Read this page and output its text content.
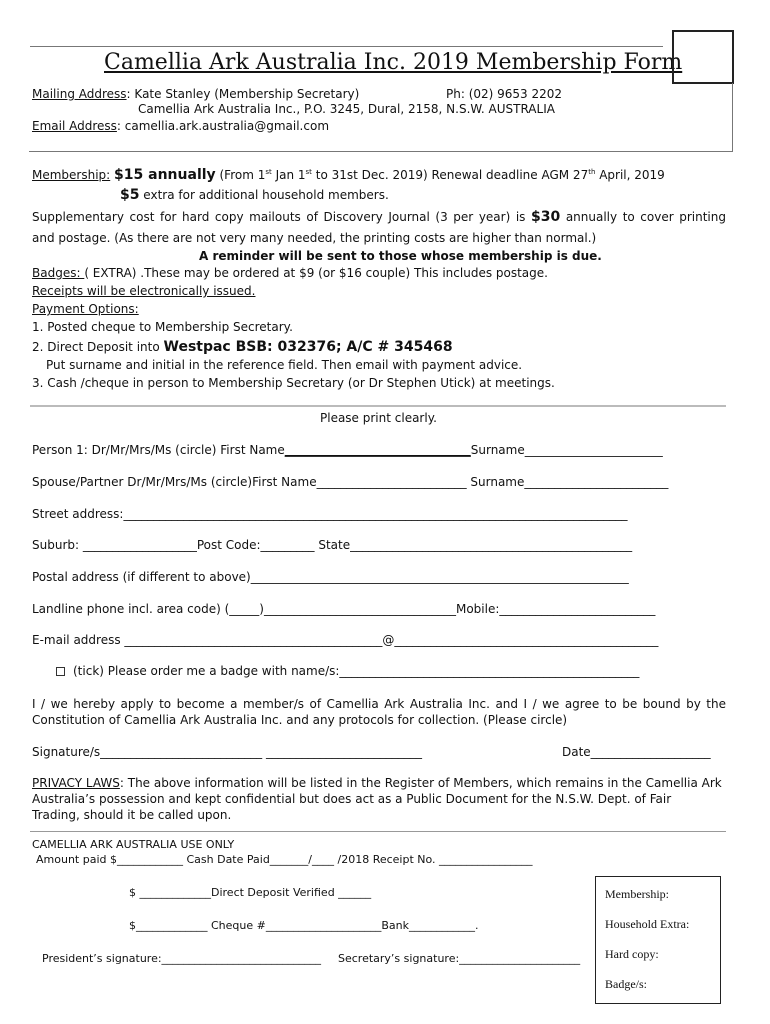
Camellia Ark Australia Inc. 2019 Membership Form
Mailing Address: Kate Stanley (Membership Secretary)	Ph: (02) 9653 2202
Camellia Ark Australia Inc., P.O. 3245, Dural, 2158, N.S.W. AUSTRALIA
Email Address: camellia.ark.australia@gmail.com
Membership: $15 annually (From 1st Jan 1st to 31st Dec. 2019) Renewal deadline AGM 27th April, 2019
$5 extra for additional household members.
Supplementary cost for hard copy mailouts of Discovery Journal (3 per year) is $30 annually to cover printing
and postage. (As there are not very many needed, the printing costs are higher than normal.)
A reminder will be sent to those whose membership is due.
Badges: ( EXTRA) .These may be ordered at $9 (or $16 couple) This includes postage.
Receipts will be electronically issued.
Payment Options:
1. Posted cheque to Membership Secretary.
2. Direct Deposit into Westpac BSB: 032376; A/C # 345468
Put surname and initial in the reference field. Then email with payment advice.
3. Cash /cheque in person to Membership Secretary (or Dr Stephen Utick) at meetings.
Please print clearly.
Person 1: Dr/Mr/Mrs/Ms (circle) First Name_______________________________Surname_______________________
Spouse/Partner Dr/Mr/Mrs/Ms (circle)First Name_________________________ Surname________________________
Street address:____________________________________________________________________________________
Suburb: ___________________Post Code:_________ State_______________________________________________
Postal address (if different to above)_______________________________________________________________
Landline phone incl. area code) (_____)________________________________Mobile:__________________________
E-mail address ___________________________________________@____________________________________________
(tick) Please order me a badge with name/s:__________________________________________________
I / we hereby apply to become a member/s of Camellia Ark Australia Inc. and I / we agree to be bound by the
Constitution of Camellia Ark Australia Inc. and any protocols for collection. (Please circle)
Signature/s___________________________ __________________________	Date____________________
PRIVACY LAWS: The above information will be listed in the Register of Members, which remains in the Camellia Ark
Australia’s possession and kept confidential but does act as a Public Document for the N.S.W. Dept. of Fair
Trading, should it be called upon.
CAMELLIA ARK AUSTRALIA USE ONLY
Amount paid $____________ Cash Date Paid_______/____ /2018 Receipt No. _________________
$ _____________Direct Deposit Verified ______
$_____________ Cheque #_____________________Bank____________.
President’s signature:_____________________________ Secretary’s signature:______________________
Membership:
Household Extra:
Hard copy:
Badge/s:
